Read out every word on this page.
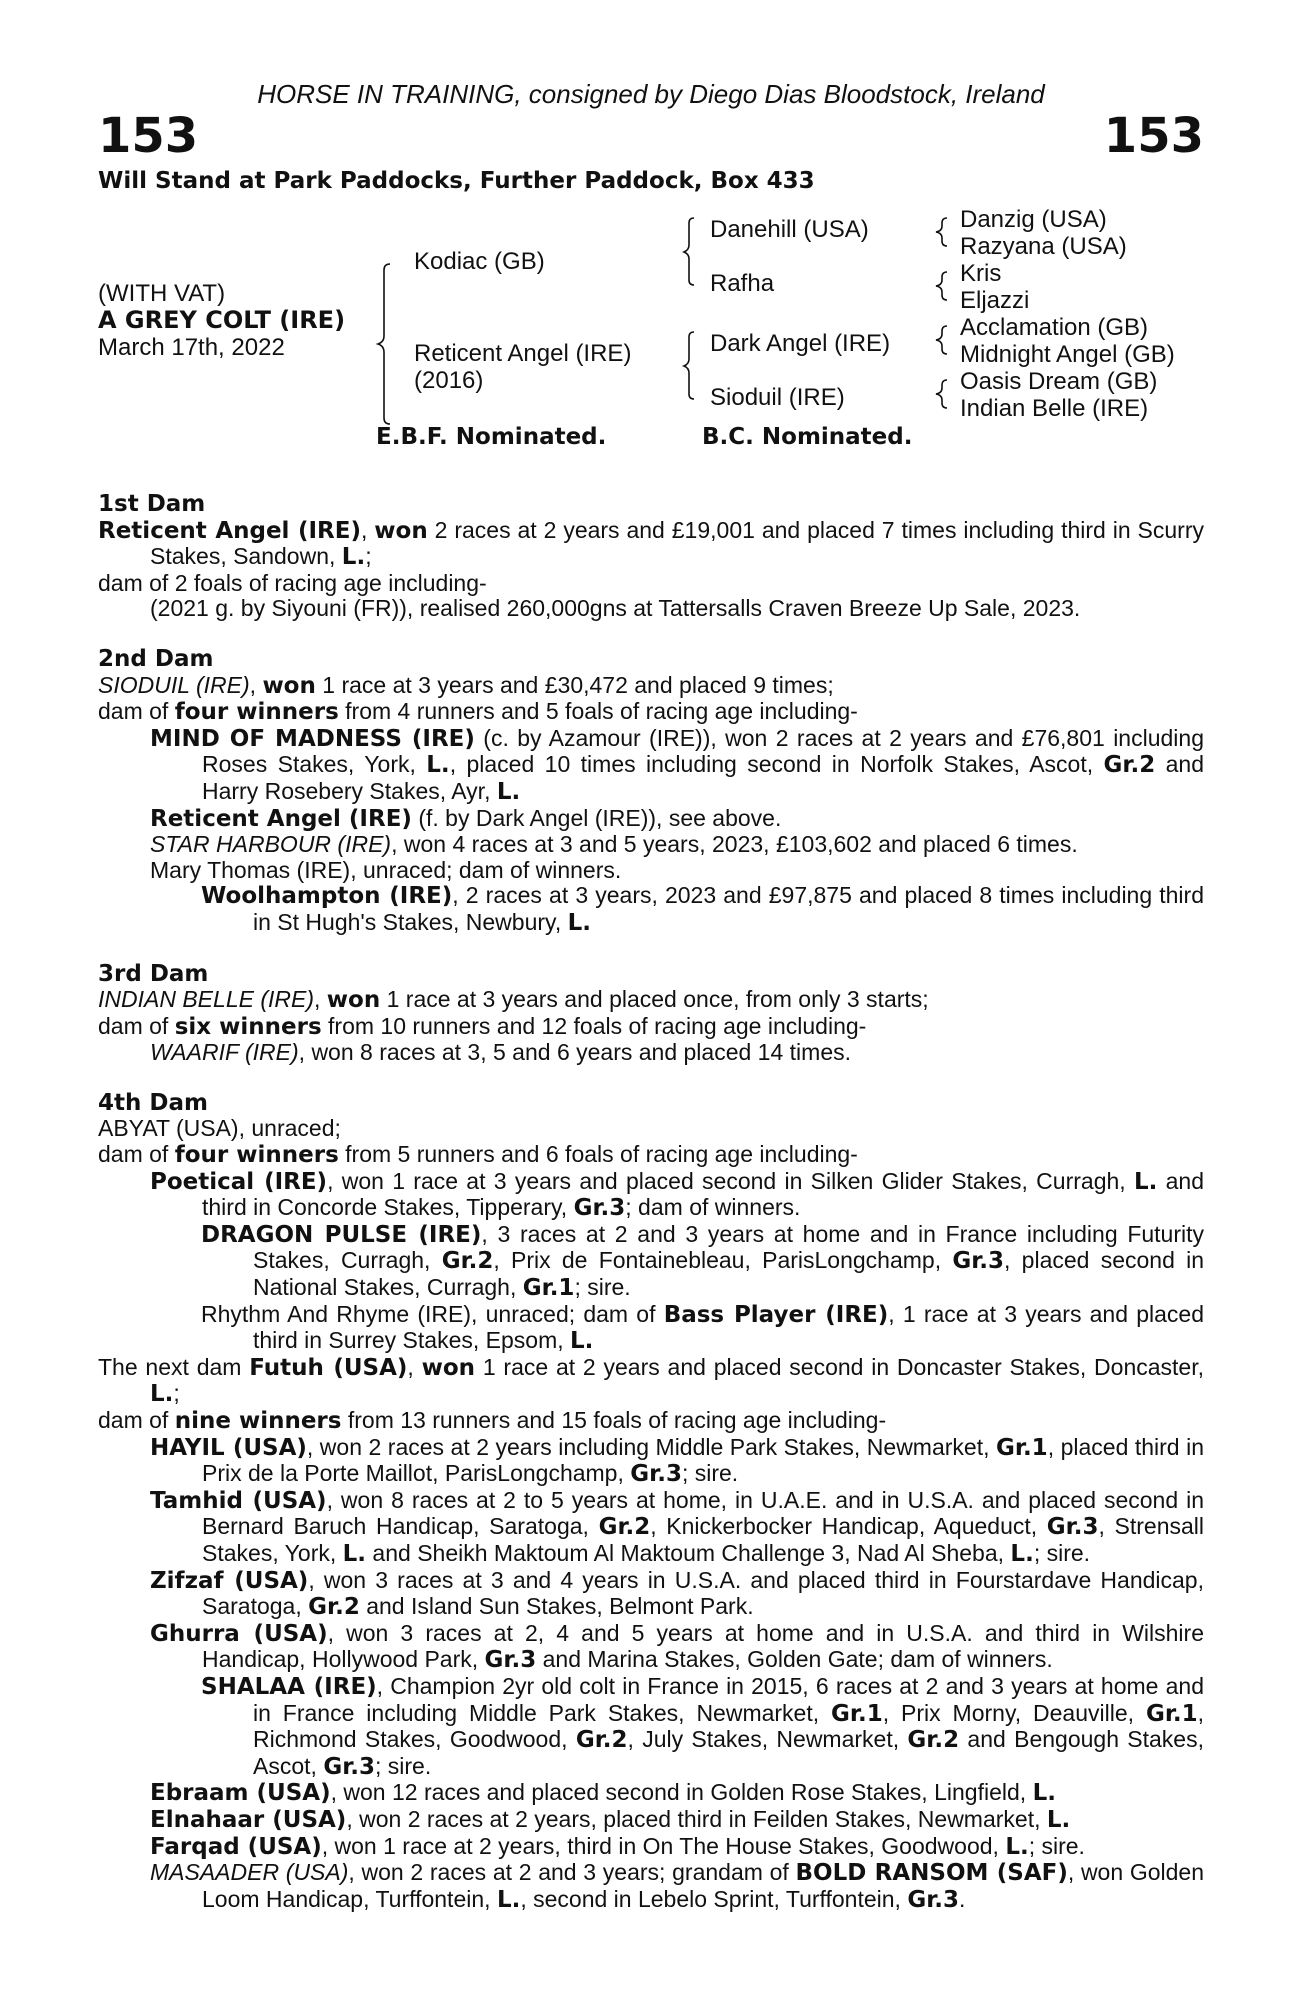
HORSE IN TRAINING, consigned by Diego Dias Bloodstock, Ireland
153	153
Will Stand at Park Paddocks, Further Paddock, Box 433
(WITH VAT)
A GREY COLT (IRE)
March 17th, 2022
Kodiac (GB)
Reticent Angel (IRE)
(2016)
Danehill (USA)
Rafha
Dark Angel (IRE)
Sioduil (IRE)
Danzig (USA)
Razyana (USA)
Kris
Eljazzi
Acclamation (GB)
Midnight Angel (GB)
Oasis Dream (GB)
Indian Belle (IRE)
E.B.F. Nominated.	B.C. Nominated.
1st Dam

Reticent Angel (IRE), won 2 races at 2 years and £19,001 and placed 7 times including third in Scurry Stakes, Sandown, L.;

dam of 2 foals of racing age including-

(2021 g. by Siyouni (FR)), realised 260,000gns at Tattersalls Craven Breeze Up Sale, 2023.

2nd Dam

SIODUIL (IRE), won 1 race at 3 years and £30,472 and placed 9 times;

dam of four winners from 4 runners and 5 foals of racing age including-

MIND OF MADNESS (IRE) (c. by Azamour (IRE)), won 2 races at 2 years and £76,801 including Roses Stakes, York, L., placed 10 times including second in Norfolk Stakes, Ascot, Gr.2 and Harry Rosebery Stakes, Ayr, L.

Reticent Angel (IRE) (f. by Dark Angel (IRE)), see above.

STAR HARBOUR (IRE), won 4 races at 3 and 5 years, 2023, £103,602 and placed 6 times.

Mary Thomas (IRE), unraced; dam of winners.

Woolhampton (IRE), 2 races at 3 years, 2023 and £97,875 and placed 8 times including third in St Hugh's Stakes, Newbury, L.

3rd Dam

INDIAN BELLE (IRE), won 1 race at 3 years and placed once, from only 3 starts;

dam of six winners from 10 runners and 12 foals of racing age including-

WAARIF (IRE), won 8 races at 3, 5 and 6 years and placed 14 times.

4th Dam

ABYAT (USA), unraced;

dam of four winners from 5 runners and 6 foals of racing age including-

Poetical (IRE), won 1 race at 3 years and placed second in Silken Glider Stakes, Curragh, L. and third in Concorde Stakes, Tipperary, Gr.3; dam of winners.

DRAGON PULSE (IRE), 3 races at 2 and 3 years at home and in France including Futurity Stakes, Curragh, Gr.2, Prix de Fontainebleau, ParisLongchamp, Gr.3, placed second in National Stakes, Curragh, Gr.1; sire.

Rhythm And Rhyme (IRE), unraced; dam of Bass Player (IRE), 1 race at 3 years and placed third in Surrey Stakes, Epsom, L.

The next dam Futuh (USA), won 1 race at 2 years and placed second in Doncaster Stakes, Doncaster, L.;

dam of nine winners from 13 runners and 15 foals of racing age including-

HAYIL (USA), won 2 races at 2 years including Middle Park Stakes, Newmarket, Gr.1, placed third in Prix de la Porte Maillot, ParisLongchamp, Gr.3; sire.

Tamhid (USA), won 8 races at 2 to 5 years at home, in U.A.E. and in U.S.A. and placed second in Bernard Baruch Handicap, Saratoga, Gr.2, Knickerbocker Handicap, Aqueduct, Gr.3, Strensall Stakes, York, L. and Sheikh Maktoum Al Maktoum Challenge 3, Nad Al Sheba, L.; sire.

Zifzaf (USA), won 3 races at 3 and 4 years in U.S.A. and placed third in Fourstardave Handicap, Saratoga, Gr.2 and Island Sun Stakes, Belmont Park.

Ghurra (USA), won 3 races at 2, 4 and 5 years at home and in U.S.A. and third in Wilshire Handicap, Hollywood Park, Gr.3 and Marina Stakes, Golden Gate; dam of winners.

SHALAA (IRE), Champion 2yr old colt in France in 2015, 6 races at 2 and 3 years at home and in France including Middle Park Stakes, Newmarket, Gr.1, Prix Morny, Deauville, Gr.1, Richmond Stakes, Goodwood, Gr.2, July Stakes, Newmarket, Gr.2 and Bengough Stakes, Ascot, Gr.3; sire.

Ebraam (USA), won 12 races and placed second in Golden Rose Stakes, Lingfield, L.

Elnahaar (USA), won 2 races at 2 years, placed third in Feilden Stakes, Newmarket, L.

Farqad (USA), won 1 race at 2 years, third in On The House Stakes, Goodwood, L.; sire.

MASAADER (USA), won 2 races at 2 and 3 years; grandam of BOLD RANSOM (SAF), won Golden Loom Handicap, Turffontein, L., second in Lebelo Sprint, Turffontein, Gr.3.
